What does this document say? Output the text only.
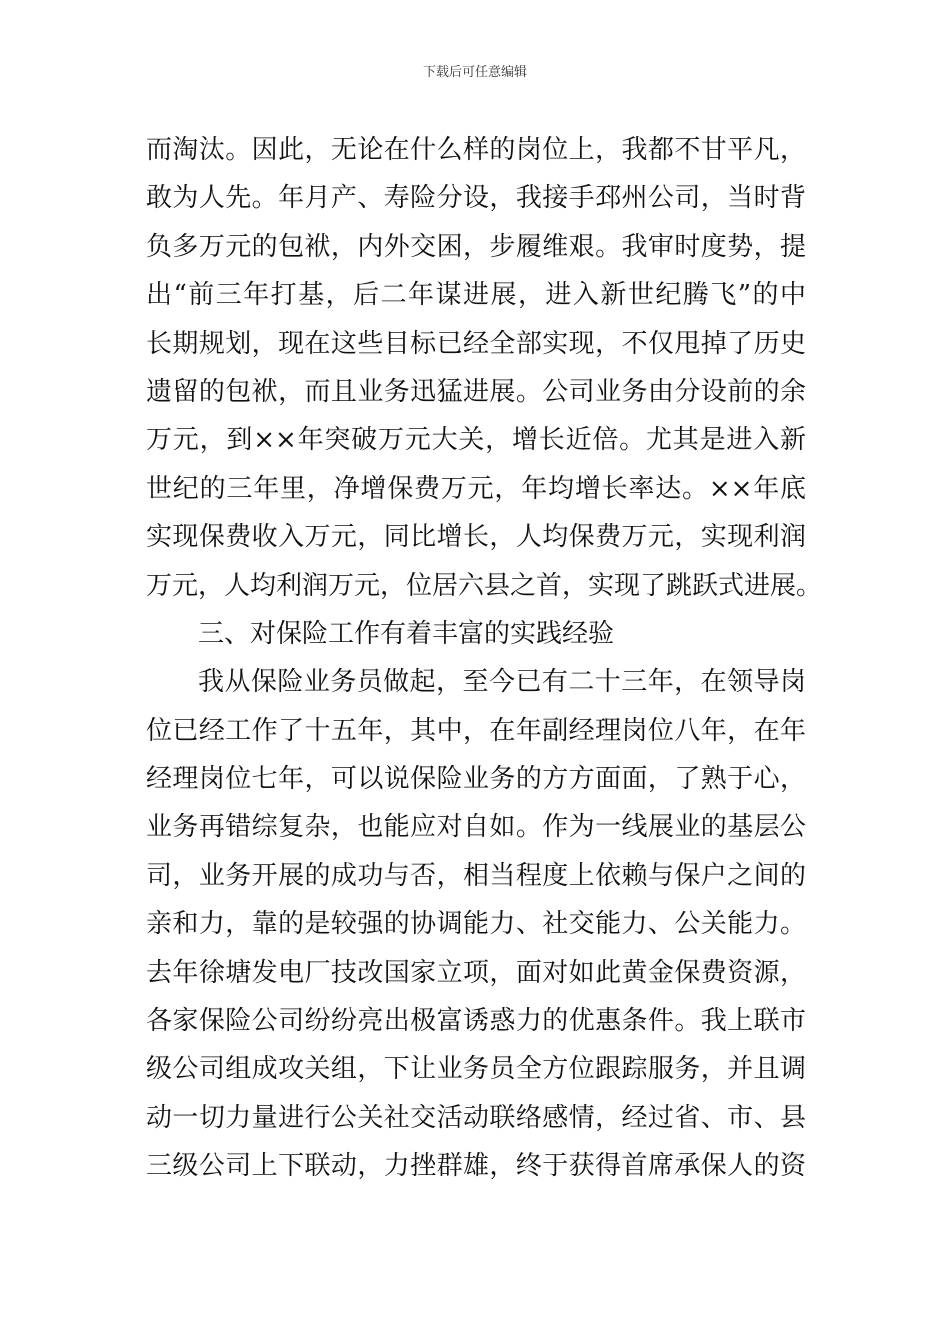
下载后可任意编辑
而淘汰。因此，无论在什么样的岗位上，我都不甘平凡，
敢为人先。年月产、寿险分设，我接手邳州公司，当时背
负多万元的包袱，内外交困，步履维艰。我审时度势，提
出“前三年打基，后二年谋进展，进入新世纪腾飞”的中
长期规划，现在这些目标已经全部实现，不仅甩掉了历史
遗留的包袱，而且业务迅猛进展。公司业务由分设前的余
万元，到××年突破万元大关，增长近倍。尤其是进入新
世纪的三年里，净增保费万元，年均增长率达。××年底
实现保费收入万元，同比增长，人均保费万元，实现利润
万元，人均利润万元，位居六县之首，实现了跳跃式进展。
三、对保险工作有着丰富的实践经验
我从保险业务员做起，至今已有二十三年，在领导岗
位已经工作了十五年，其中，在年副经理岗位八年，在年
经理岗位七年，可以说保险业务的方方面面，了熟于心，
业务再错综复杂，也能应对自如。作为一线展业的基层公
司，业务开展的成功与否，相当程度上依赖与保户之间的
亲和力，靠的是较强的协调能力、社交能力、公关能力。
去年徐塘发电厂技改国家立项，面对如此黄金保费资源，
各家保险公司纷纷亮出极富诱惑力的优惠条件。我上联市
级公司组成攻关组，下让业务员全方位跟踪服务，并且调
动一切力量进行公关社交活动联络感情，经过省、市、县
三级公司上下联动，力挫群雄，终于获得首席承保人的资
